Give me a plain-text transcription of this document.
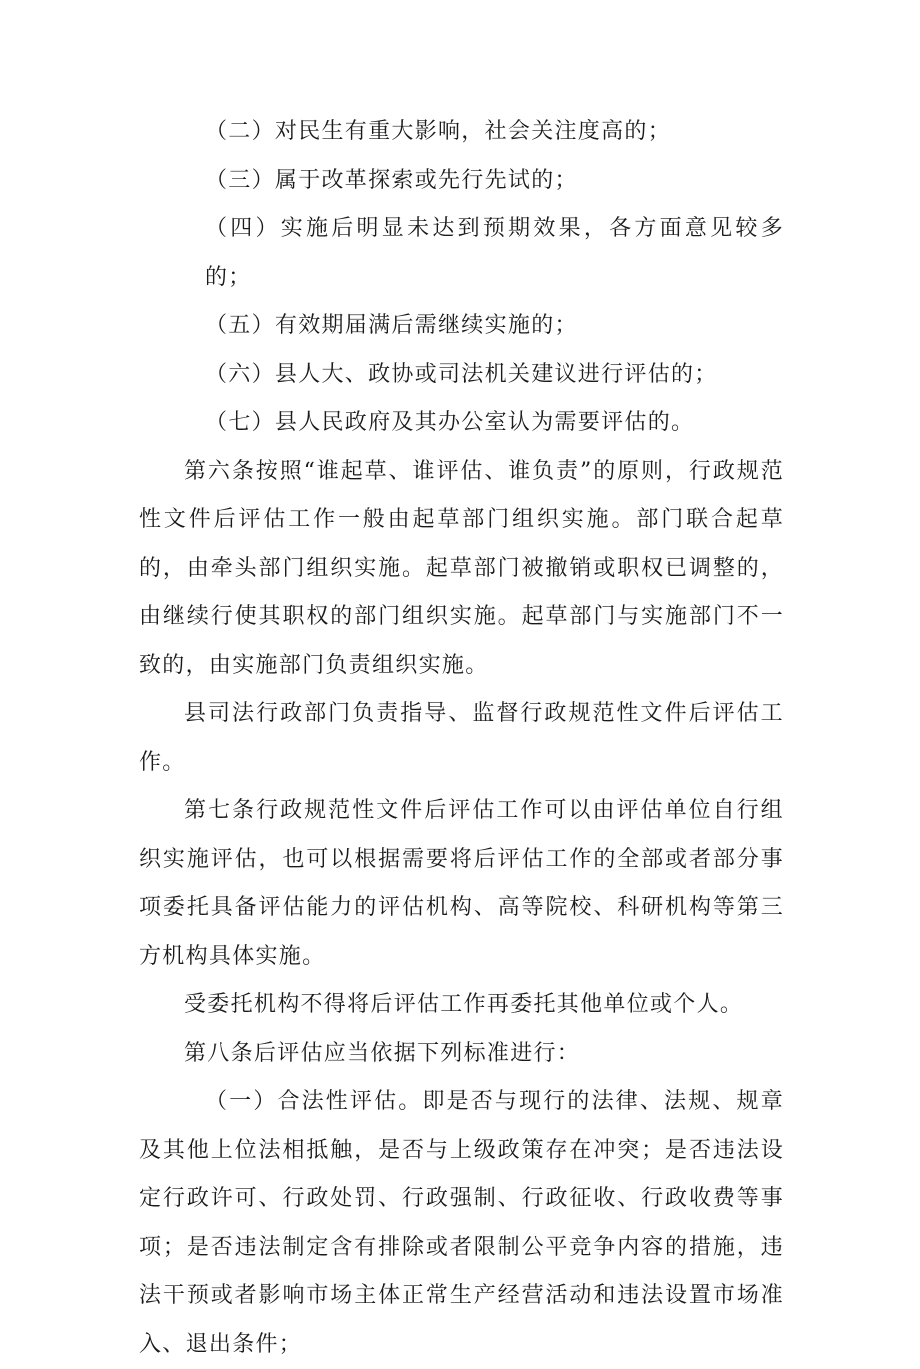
（二）对民生有重大影响，社会关注度高的；

（三）属于改革探索或先行先试的；

（四）实施后明显未达到预期效果，各方面意见较多的；

（五）有效期届满后需继续实施的；

（六）县人大、政协或司法机关建议进行评估的；

（七）县人民政府及其办公室认为需要评估的。

第六条按照“谁起草、谁评估、谁负责”的原则，行政规范性文件后评估工作一般由起草部门组织实施。部门联合起草的，由牵头部门组织实施。起草部门被撤销或职权已调整的，由继续行使其职权的部门组织实施。起草部门与实施部门不一致的，由实施部门负责组织实施。

县司法行政部门负责指导、监督行政规范性文件后评估工作。

第七条行政规范性文件后评估工作可以由评估单位自行组织实施评估，也可以根据需要将后评估工作的全部或者部分事项委托具备评估能力的评估机构、高等院校、科研机构等第三方机构具体实施。

受委托机构不得将后评估工作再委托其他单位或个人。

第八条后评估应当依据下列标准进行：

（一）合法性评估。即是否与现行的法律、法规、规章及其他上位法相抵触，是否与上级政策存在冲突；是否违法设定行政许可、行政处罚、行政强制、行政征收、行政收费等事项；是否违法制定含有排除或者限制公平竞争内容的措施，违法干预或者影响市场主体正常生产经营活动和违法设置市场准入、退出条件；
